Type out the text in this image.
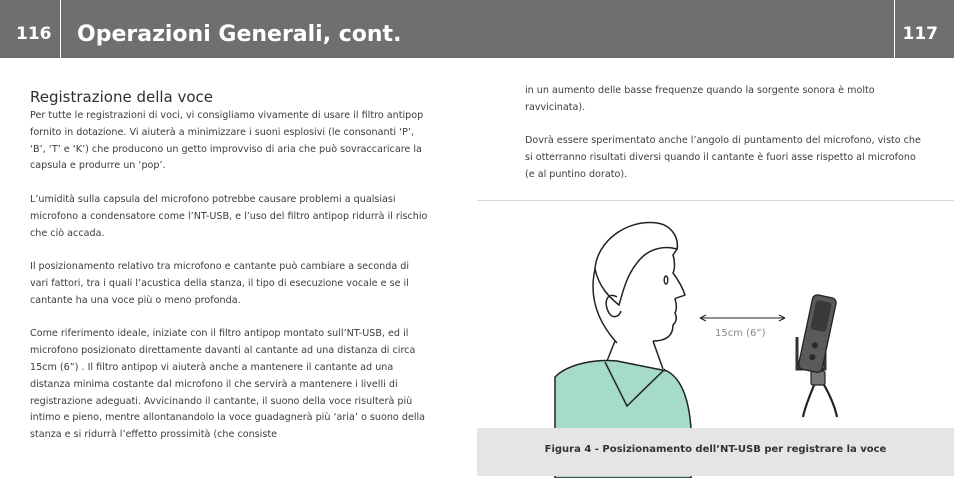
116 Operazioni Generali, cont.	117
Registrazione della voce

Per tutte le registrazioni di voci, vi consigliamo vivamente di usare il filtro antipop fornito in dotazione. Vi aiuterà a minimizzare i suoni esplosivi (le consonanti ‘P’, ‘B’, ‘T’ e ‘K’) che producono un getto improvviso di aria che può sovraccaricare la capsula e produrre un ‘pop’.

L’umidità sulla capsula del microfono potrebbe causare problemi a qualsiasi microfono a condensatore come l’NT-USB, e l’uso del filtro antipop ridurrà il rischio che ciò accada.

Il posizionamento relativo tra microfono e cantante può cambiare a seconda di vari fattori, tra i quali l’acustica della stanza, il tipo di esecuzione vocale e se il cantante ha una voce più o meno profonda.

Come riferimento ideale, iniziate con il filtro antipop montato sull’NT-USB, ed il microfono posizionato direttamente davanti al cantante ad una distanza di circa 15cm (6”) . Il filtro antipop vi aiuterà anche a mantenere il cantante ad una distanza minima costante dal microfono il che servirà a mantenere i livelli di registrazione adeguati. Avvicinando il cantante, il suono della voce risulterà più intimo e pieno, mentre allontanandolo la voce guadagnerà più ‘aria’ o suono della stanza e si ridurrà l’effetto prossimità (che consiste

in un aumento delle basse frequenze quando la sorgente sonora è molto ravvicinata).

Dovrà essere sperimentato anche l’angolo di puntamento del microfono, visto che si otterranno risultati diversi quando il cantante è fuori asse rispetto al microfono (e al puntino dorato).

15cm (6”)
Figura 4 - Posizionamento dell’NT-USB per registrare la voce
